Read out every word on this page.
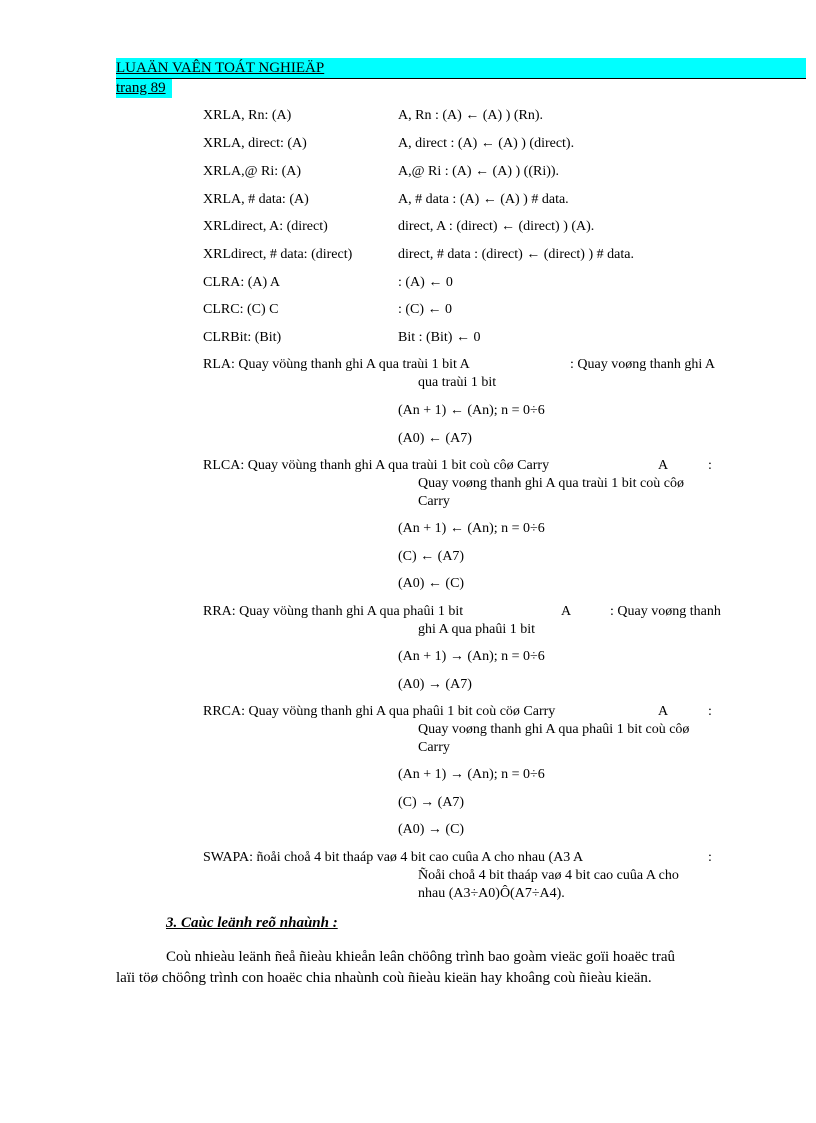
LUAÄN VAÊN TOÁT NGHIEÄP
trang 89
XRLA, Rn: (A)	A, Rn : (A) ← (A) ) (Rn).
XRLA, direct: (A)	A, direct : (A) ← (A) ) (direct).
XRLA,@ Ri: (A)	A,@ Ri : (A) ← (A) ) ((Ri)).
XRLA, # data: (A)	A, # data : (A) ← (A) ) # data.
XRLdirect, A: (direct)	direct, A : (direct) ← (direct) ) (A).
XRLdirect, # data: (direct)	direct, # data : (direct) ← (direct) ) # data.
CLRA: (A) A	: (A) ← 0
CLRC: (C) C	: (C) ← 0
CLRBit: (Bit)	Bit : (Bit) ← 0
RLA: Quay vöùng thanh ghi A qua traùi 1 bit A	: Quay voøng thanh ghi A
qua traùi 1 bit
(An + 1) ← (An); n = 0÷6
(A0) ← (A7)
RLCA: Quay vöùng thanh ghi A qua traùi 1 bit coù côø Carry	A	:
Quay voøng thanh ghi A qua traùi 1 bit coù côø
Carry
(An + 1) ← (An); n = 0÷6
(C) ← (A7)
(A0) ← (C)
RRA: Quay vöùng thanh ghi A qua phaûi 1 bit	A	: Quay voøng thanh
ghi A qua phaûi 1 bit
(An + 1) → (An); n = 0÷6
(A0) → (A7)
RRCA: Quay vöùng thanh ghi A qua phaûi 1 bit coù cöø Carry	A	:
Quay voøng thanh ghi A qua phaûi 1 bit coù côø
Carry
(An + 1) → (An); n = 0÷6
(C) → (A7)
(A0) → (C)
SWAPA: ñoåi choå 4 bit thaáp vaø 4 bit cao cuûa A cho nhau (A3 A	:
Ñoåi choå 4 bit thaáp vaø 4 bit cao cuûa A cho
nhau (A3÷A0)Ô(A7÷A4).
3. Caùc leänh reõ nhaùnh :
Coù nhieàu leänh ñeå ñieàu khieån leân chöông trình bao goàm vieäc goïi hoaëc traû
laïi töø chöông trình con hoaëc chia nhaùnh coù ñieàu kieän hay khoâng coù ñieàu kieän.
